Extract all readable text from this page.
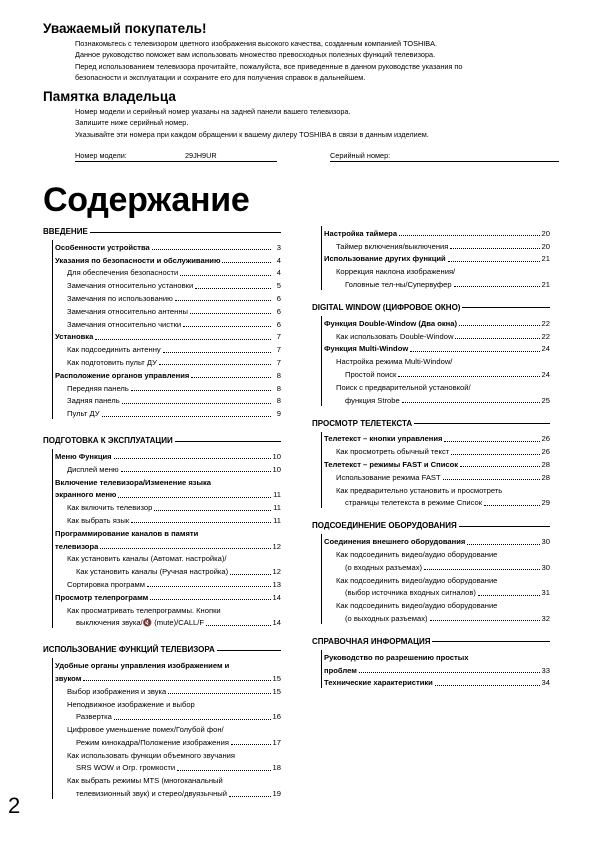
Уважаемый покупатель!

Познакомьтесь с телевизором цветного изображения высокого качества, созданным компанией TOSHIBA.

Данное руководство поможет вам использовать множество превосходных полезных функций телевизора.

Перед использованием телевизора прочитайте, пожалуйста, все приведенные в данном руководстве указания по

безопасности и эксплуатации и сохраните его для получения справок в дальнейшем.

Памятка владельца

Номер модели и серийный номер указаны на задней панели вашего телевизора.

Запишите ниже серийный номер.

Указывайте эти номера при каждом обращении к вашему дилеру TOSHIBA в связи в данным изделием.

Номер модели:	29JH9UR	Серийный номер:
Содержание
ВВЕДЕНИЕ
Особенности устройства	3
Указания по безопасности и обслуживанию	4
Для обеспечения безопасности	4
Замечания относительно установки	5
Замечания по использованию	6
Замечания относительно антенны	6
Замечания относительно чистки	6
Установка	7
Как подсоединить антенну	7
Как подготовить пульт ДУ	7
Расположение органов управления	8
Передняя панель	8
Задняя панель	8
Пульт ДУ	9
ПОДГОТОВКА К ЭКСПЛУАТАЦИИ
Меню Функция	10
Дисплей меню	10
Включение телевизора/Изменение языка
экранного меню	11
Как включить телевизор	11
Как выбрать язык	11
Программирование каналов в памяти
телевизора	12
Как установить каналы (Автомат. настройка)/
Как установить каналы (Ручная настройка)	12
Сортировка программ	13
Просмотр телепрограмм	14
Как просматривать телепрограммы. Кнопки
выключения звука/🔇 (mute)/CALL/F	14
ИСПОЛЬЗОВАНИЕ ФУНКЦИЙ ТЕЛЕВИЗОРА
Удобные органы управления изображением и
звуком	15
Выбор изображения и звука	15
Неподвижное изображение и выбор
Развертка	16
Цифровое уменьшение помех/Голубой фон/
Режим кинокадра/Положение изображения	17
Как использовать функции объемного звучания
SRS WOW и Огр. громкости	18
Как выбрать режимы MTS (многоканальный
телевизионный звук) и стерео/двуязычный	19
Настройка таймера	20
Таймер включения/выключения	20
Использование других функций	21
Коррекция наклона изображения/
Головные тел-ны/Супервуфер	21
DIGITAL WINDOW (ЦИФРОВОЕ ОКНО)
Функция Double-Window (Два окна)	22
Как использовать Double-Window	22
Функция Multi-Window	24
Настройка режима Multi-Window/
Простой поиск	24
Поиск с предварительной установкой/
функция Strobe	25
ПРОСМОТР ТЕЛЕТЕКСТА
Телетекст – кнопки управления	26
Как просмотреть обычный текст	26
Телетекст – режимы FAST и Список	28
Использование режима FAST	28
Как предварительно установить и просмотреть
страницы телетекста в режиме Список	29
ПОДСОЕДИНЕНИЕ ОБОРУДОВАНИЯ
Соединения внешнего оборудования	30
Как подсоединить видео/аудио оборудование
(о входных разъемах)	30
Как подсоединить видео/аудио оборудование
(выбор источника входных сигналов)	31
Как подсоединить видео/аудио оборудование
(о выходных разъемах)	32
СПРАВОЧНАЯ ИНФОРМАЦИЯ
Руководство по разрешению простых
проблем	33
Технические характеристики	34
2
